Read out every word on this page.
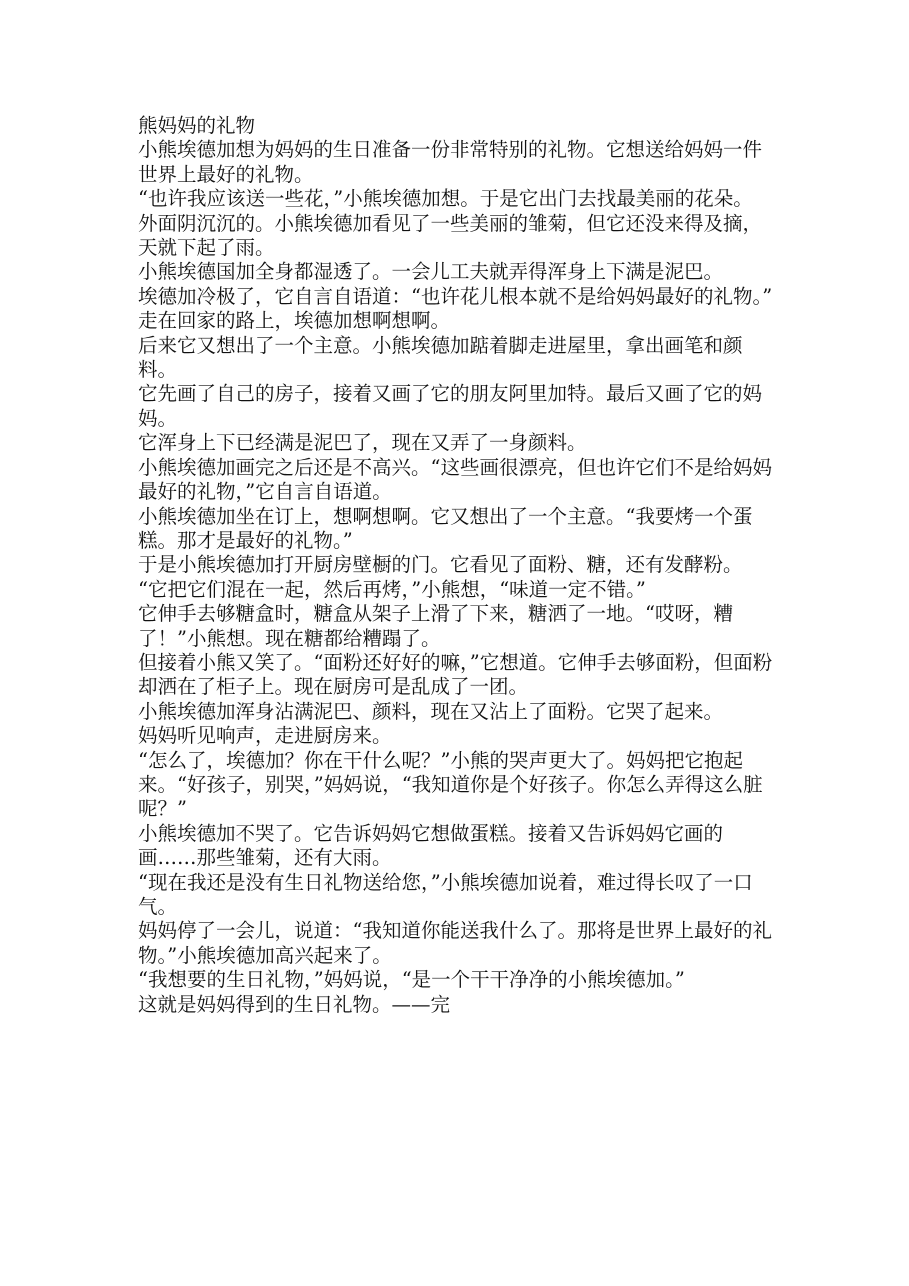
熊妈妈的礼物

小熊埃德加想为妈妈的生日准备一份非常特别的礼物。它想送给妈妈一件世界上最好的礼物。

“也许我应该送一些花，”小熊埃德加想。于是它出门去找最美丽的花朵。

外面阴沉沉的。小熊埃德加看见了一些美丽的雏菊，但它还没来得及摘，天就下起了雨。

小熊埃德国加全身都湿透了。一会儿工夫就弄得浑身上下满是泥巴。

埃德加冷极了，它自言自语道：“也许花儿根本就不是给妈妈最好的礼物。”

走在回家的路上，埃德加想啊想啊。

后来它又想出了一个主意。小熊埃德加踮着脚走进屋里，拿出画笔和颜料。

它先画了自己的房子，接着又画了它的朋友阿里加特。最后又画了它的妈妈。

它浑身上下已经满是泥巴了，现在又弄了一身颜料。

小熊埃德加画完之后还是不高兴。“这些画很漂亮，但也许它们不是给妈妈最好的礼物，”它自言自语道。

小熊埃德加坐在订上，想啊想啊。它又想出了一个主意。“我要烤一个蛋糕。那才是最好的礼物。”

于是小熊埃德加打开厨房壁橱的门。它看见了面粉、糖，还有发酵粉。

“它把它们混在一起，然后再烤，”小熊想，“味道一定不错。”

它伸手去够糖盒时，糖盒从架子上滑了下来，糖洒了一地。“哎呀，糟了！”小熊想。现在糖都给糟蹋了。

但接着小熊又笑了。“面粉还好好的嘛，”它想道。它伸手去够面粉，但面粉却洒在了柜子上。现在厨房可是乱成了一团。

小熊埃德加浑身沾满泥巴、颜料，现在又沾上了面粉。它哭了起来。

妈妈听见响声，走进厨房来。

“怎么了，埃德加？你在干什么呢？”小熊的哭声更大了。妈妈把它抱起来。“好孩子，别哭，”妈妈说，“我知道你是个好孩子。你怎么弄得这么脏呢？”

小熊埃德加不哭了。它告诉妈妈它想做蛋糕。接着又告诉妈妈它画的画……那些雏菊，还有大雨。

“现在我还是没有生日礼物送给您，”小熊埃德加说着，难过得长叹了一口气。

妈妈停了一会儿，说道：“我知道你能送我什么了。那将是世界上最好的礼物。”小熊埃德加高兴起来了。

“我想要的生日礼物，”妈妈说，“是一个干干净净的小熊埃德加。”

这就是妈妈得到的生日礼物。——完
